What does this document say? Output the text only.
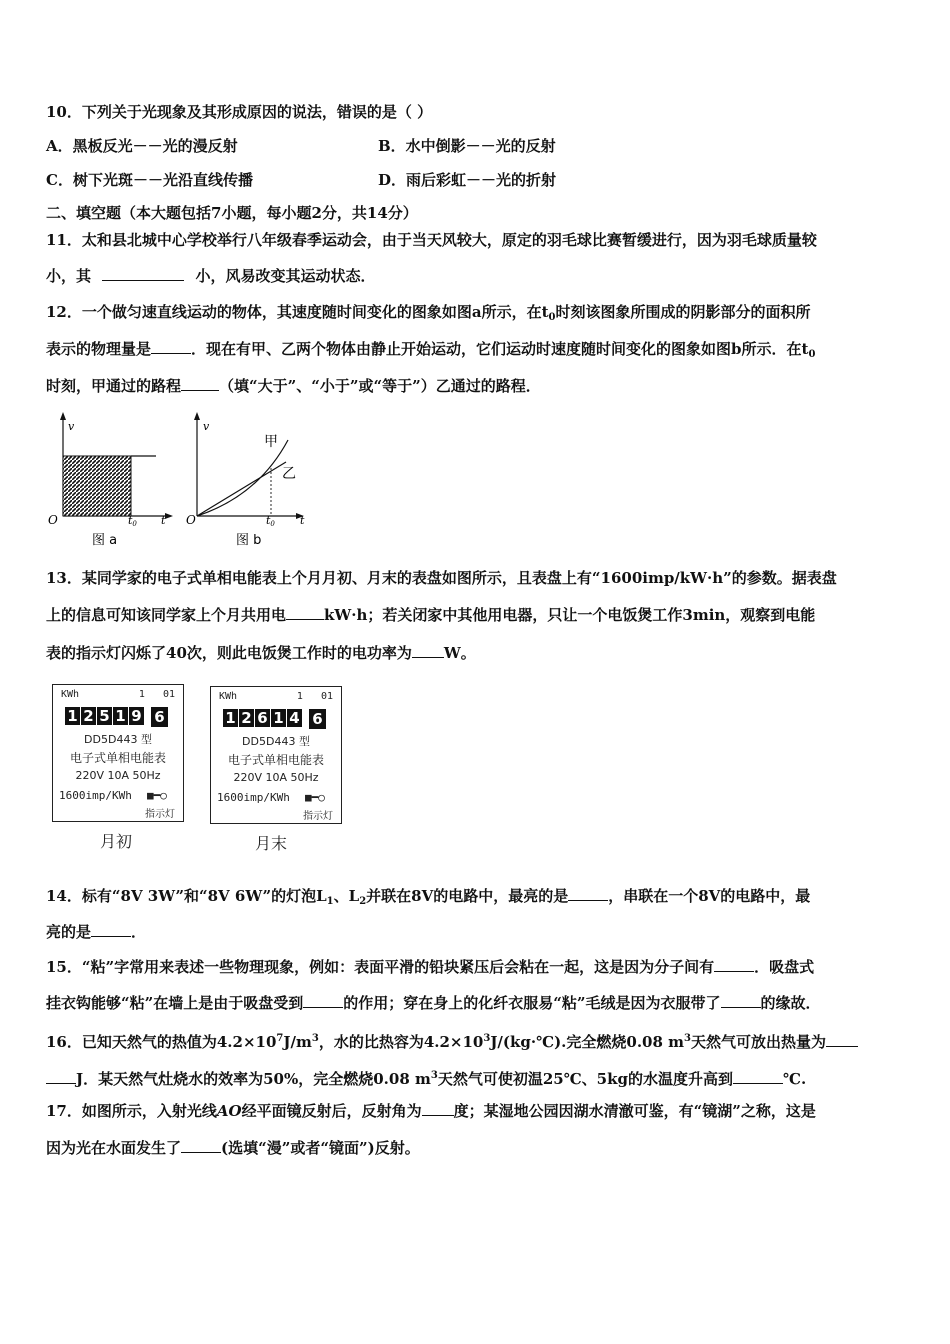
10．下列关于光现象及其形成原因的说法，错误的是（ ）
A．黑板反光－－光的漫反射	B．水中倒影－－光的反射
C．树下光斑－－光沿直线传播	D．雨后彩虹－－光的折射
二、填空题（本大题包括7小题，每小题2分，共14分）
11．太和县北城中心学校举行八年级春季运动会，由于当天风较大，原定的羽毛球比赛暂缓进行，因为羽毛球质量较
小，其	小，风易改变其运动状态．
12．一个做匀速直线运动的物体，其速度随时间变化的图象如图a所示，在$t_0$时刻该图象所围成的阴影部分的面积所
表示的物理量是	．现在有甲、乙两个物体由静止开始运动，它们运动时速度随时间变化的图象如图b所示．在$t_0$
时刻，甲通过的路程	（填“大于”、“小于”或“等于”）乙通过的路程．
v
O	t0 t
图 a
v
甲
乙
O	t0 t
图 b
13．某同学家的电子式单相电能表上个月月初、月末的表盘如图所示，且表盘上有“1600imp/kW·h”的参数。据表盘
上的信息可知该同学家上个月共用电	kW·h；若关闭家中其他用电器，只让一个电饭煲工作3min，观察到电能
表的指示灯闪烁了40次，则此电饭煲工作时的电功率为 W。
KWh	1 01
1 2 5 1 9 6
DD5D443 型
电子式单相电能表
220V 10A 50Hz
1600imp/KWh ■━○
指示灯
月初
KWh	1 01
1 2 6 1 4 6
DD5D443 型
电子式单相电能表
220V 10A 50Hz
1600imp/KWh ■━○
指示灯
月末
14．标有“8V 3W”和“8V 6W”的灯泡$L_1$、$L_2$并联在8V的电路中，最亮的是	，串联在一个8V的电路中，最
亮的是	．
15．“粘”字常用来表述一些物理现象，例如：表面平滑的铅块紧压后会粘在一起，这是因为分子间有	．吸盘式
挂衣钩能够“粘”在墙上是由于吸盘受到	的作用；穿在身上的化纤衣服易“粘”毛绒是因为衣服带了	的缘故．
16．已知天然气的热值为$4.2\times 10^7J/m^3$，水的比热容为$4.2\times 10^3J/(kg\cdot℃)$.完全燃烧0.08 $m^3$天然气可放出热量为
J．某天然气灶烧水的效率为50%，完全燃烧0.08 $m^3$天然气可使初温25℃、5kg的水温度升高到	℃.
17．如图所示，入射光线AO经平面镜反射后，反射角为 度；某湿地公园因湖水清澈可鉴，有“镜湖”之称，这是
因为光在水面发生了	(选填“漫”或者“镜面”)反射。
